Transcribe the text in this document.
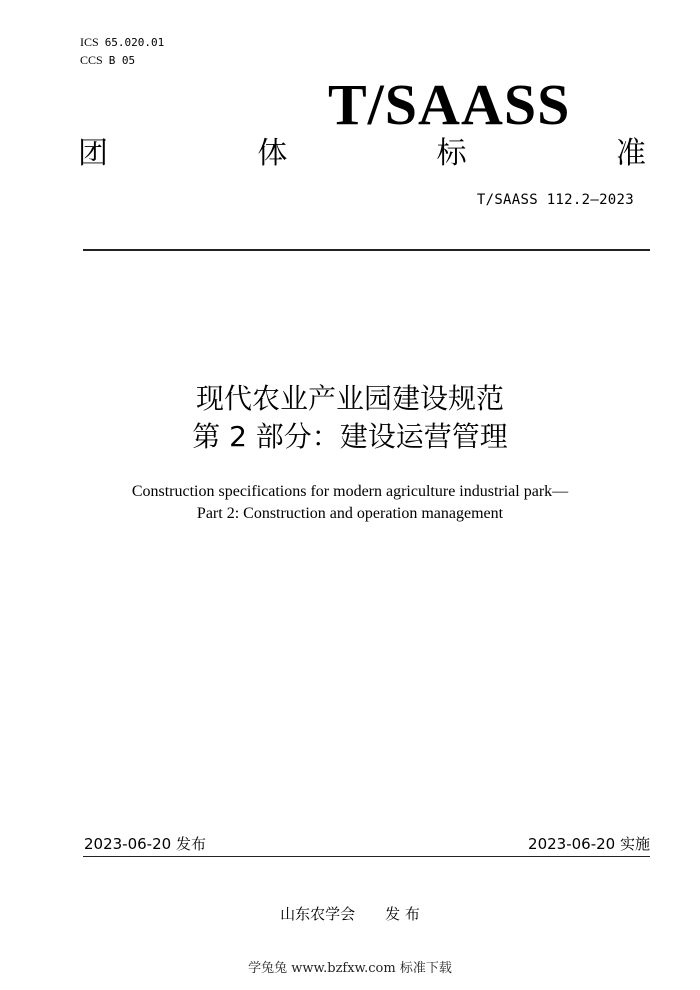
ICS 65.020.01
CCS B 05
T/SAASS
团	体	标	准
T/SAASS 112.2—2023
现代农业产业园建设规范
第 2 部分：建设运营管理
Construction specifications for modern agriculture industrial park—
Part 2: Construction and operation management
2023-06-20 发布	2023-06-20 实施
山东农学会 发 布
学兔兔 www.bzfxw.com 标准下载
